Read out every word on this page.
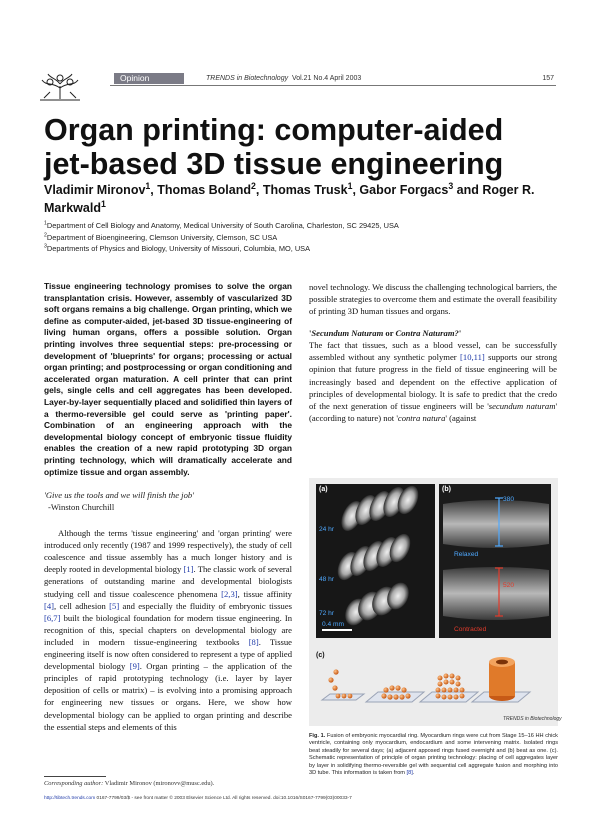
Opinion	TRENDS in Biotechnology Vol.21 No.4 April 2003	157
Organ printing: computer-aided
jet-based 3D tissue engineering
Vladimir Mironov$^1$, Thomas Boland$^2$, Thomas Trusk$^1$, Gabor Forgacs$^3$ and Roger R. Markwald$^1$
$^1$Department of Cell Biology and Anatomy, Medical University of South Carolina, Charleston, SC 29425, USA
$^2$Department of Bioengineering, Clemson University, Clemson, SC USA
$^3$Departments of Physics and Biology, University of Missouri, Columbia, MO, USA

Tissue engineering technology promises to solve the organ transplantation crisis. However, assembly of vascularized 3D soft organs remains a big challenge. Organ printing, which we define as computer-aided, jet-based 3D tissue-engineering of living human organs, offers a possible solution. Organ printing involves three sequential steps: pre-processing or development of 'blueprints' for organs; processing or actual organ printing; and postprocessing or organ conditioning and accelerated organ maturation. A cell printer that can print gels, single cells and cell aggregates has been developed. Layer-by-layer sequentially placed and solidified thin layers of a thermo-reversible gel could serve as 'printing paper'. Combination of an engineering approach with the developmental biology concept of embryonic tissue fluidity enables the creation of a new rapid prototyping 3D organ printing technology, which will dramatically accelerate and optimize tissue and organ assembly.

'Give us the tools and we will finish the job'
-Winston Churchill

Although the terms 'tissue engineering' and 'organ printing' were introduced only recently (1987 and 1999 respectively), the study of cell coalescence and tissue assembly has a much longer history and is deeply rooted in developmental biology [1]. The classic work of several generations of outstanding marine and developmental biologists studying cell and tissue coalescence phenomena [2,3], tissue affinity [4], cell adhesion [5] and especially the fluidity of embryonic tissues [6,7] built the biological foundation for modern tissue engineering. In recognition of this, special chapters on developmental biology are included in modern tissue-engineering textbooks [8]. Tissue engineering itself is now often considered to represent a type of applied developmental biology [9]. Organ printing – the application of the principles of rapid prototyping technology (i.e. layer by layer deposition of cells or matrix) – is evolving into a promising approach for engineering new tissues or organs. Here, we show how developmental biology can be applied to organ printing and describe the essential steps and elements of this

Corresponding author: Vladimir Mironov (mironovv@musc.edu).

novel technology. We discuss the challenging technological barriers, the possible strategies to overcome them and estimate the overall feasibility of printing 3D human tissues and organs.

'Secundum Naturam or Contra Naturam?'

The fact that tissues, such as a blood vessel, can be successfully assembled without any synthetic polymer [10,11] supports our strong opinion that future progress in the field of tissue engineering will be increasingly based and dependent on the effective application of principles of developmental biology. It is safe to predict that the credo of the next generation of tissue engineers will be 'secundum naturam' (according to nature) not 'contra natura' (against

(a)
24 hr
48 hr
72 hr
0.4 mm
(b)
380
Relaxed
520
Contracted
(c)
TRENDS in Biotechnology
Fig. 1. Fusion of embryonic myocardial ring. Myocardium rings were cut from Stage 15–16 HH chick ventricle, containing only myocardium, endocardium and some intervening matrix. Isolated rings beat steadily for several days; (a) adjacent apposed rings fused overnight and (b) beat as one. (c). Schematic representation of principle of organ printing technology: placing of cell aggregates layer by layer in solidifying thermo-reversible gel with sequential cell aggregate fusion and morphing into 3D tube. This information is taken from [8].
http://tibtech.trends.com 0167-7799/03/$ - see front matter © 2003 Elsevier Science Ltd. All rights reserved. doi:10.1016/S0167-7799(03)00033-7
